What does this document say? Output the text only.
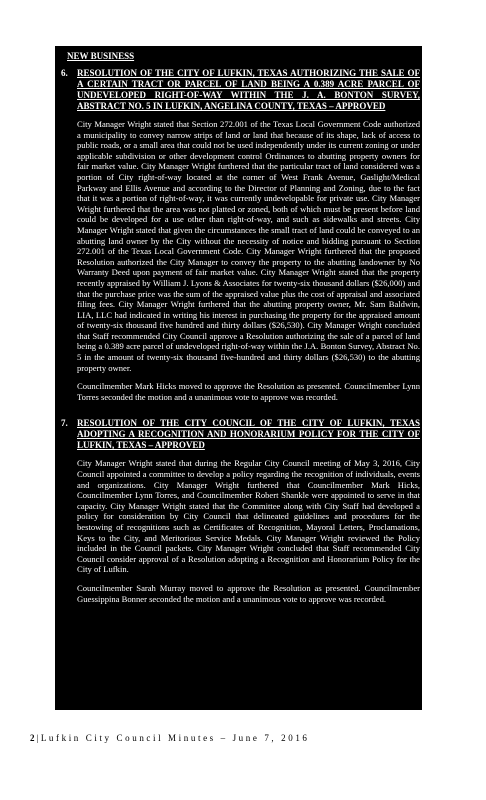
NEW BUSINESS
6.	RESOLUTION OF THE CITY OF LUFKIN, TEXAS AUTHORIZING THE SALE OF A CERTAIN TRACT OR PARCEL OF LAND BEING A 0.389 ACRE PARCEL OF UNDEVELOPED RIGHT-OF-WAY WITHIN THE J. A. BONTON SURVEY, ABSTRACT NO. 5 IN LUFKIN, ANGELINA COUNTY, TEXAS – APPROVED

City Manager Wright stated that Section 272.001 of the Texas Local Government Code authorized a municipality to convey narrow strips of land or land that because of its shape, lack of access to public roads, or a small area that could not be used independently under its current zoning or under applicable subdivision or other development control Ordinances to abutting property owners for fair market value. City Manager Wright furthered that the particular tract of land considered was a portion of City right-of-way located at the corner of West Frank Avenue, Gaslight/Medical Parkway and Ellis Avenue and according to the Director of Planning and Zoning, due to the fact that it was a portion of right-of-way, it was currently undevelopable for private use. City Manager Wright furthered that the area was not platted or zoned, both of which must be present before land could be developed for a use other than right-of-way, and such as sidewalks and streets. City Manager Wright stated that given the circumstances the small tract of land could be conveyed to an abutting land owner by the City without the necessity of notice and bidding pursuant to Section 272.001 of the Texas Local Government Code. City Manager Wright furthered that the proposed Resolution authorized the City Manager to convey the property to the abutting landowner by No Warranty Deed upon payment of fair market value. City Manager Wright stated that the property recently appraised by William J. Lyons & Associates for twenty-six thousand dollars ($26,000) and that the purchase price was the sum of the appraised value plus the cost of appraisal and associated filing fees. City Manager Wright furthered that the abutting property owner, Mr. Sam Baldwin, LIA, LLC had indicated in writing his interest in purchasing the property for the appraised amount of twenty-six thousand five hundred and thirty dollars ($26,530). City Manager Wright concluded that Staff recommended City Council approve a Resolution authorizing the sale of a parcel of land being a 0.389 acre parcel of undeveloped right-of-way within the J.A. Bonton Survey, Abstract No. 5 in the amount of twenty-six thousand five-hundred and thirty dollars ($26,530) to the abutting property owner.

Councilmember Mark Hicks moved to approve the Resolution as presented. Councilmember Lynn Torres seconded the motion and a unanimous vote to approve was recorded.

7.	RESOLUTION OF THE CITY COUNCIL OF THE CITY OF LUFKIN, TEXAS ADOPTING A RECOGNITION AND HONORARIUM POLICY FOR THE CITY OF LUFKIN, TEXAS – APPROVED

City Manager Wright stated that during the Regular City Council meeting of May 3, 2016, City Council appointed a committee to develop a policy regarding the recognition of individuals, events and organizations. City Manager Wright furthered that Councilmember Mark Hicks, Councilmember Lynn Torres, and Councilmember Robert Shankle were appointed to serve in that capacity. City Manager Wright stated that the Committee along with City Staff had developed a policy for consideration by City Council that delineated guidelines and procedures for the bestowing of recognitions such as Certificates of Recognition, Mayoral Letters, Proclamations, Keys to the City, and Meritorious Service Medals. City Manager Wright reviewed the Policy included in the Council packets. City Manager Wright concluded that Staff recommended City Council consider approval of a Resolution adopting a Recognition and Honorarium Policy for the City of Lufkin.

Councilmember Sarah Murray moved to approve the Resolution as presented. Councilmember Guessippina Bonner seconded the motion and a unanimous vote to approve was recorded.

2 | Lufkin City Council Minutes – June 7, 2016
